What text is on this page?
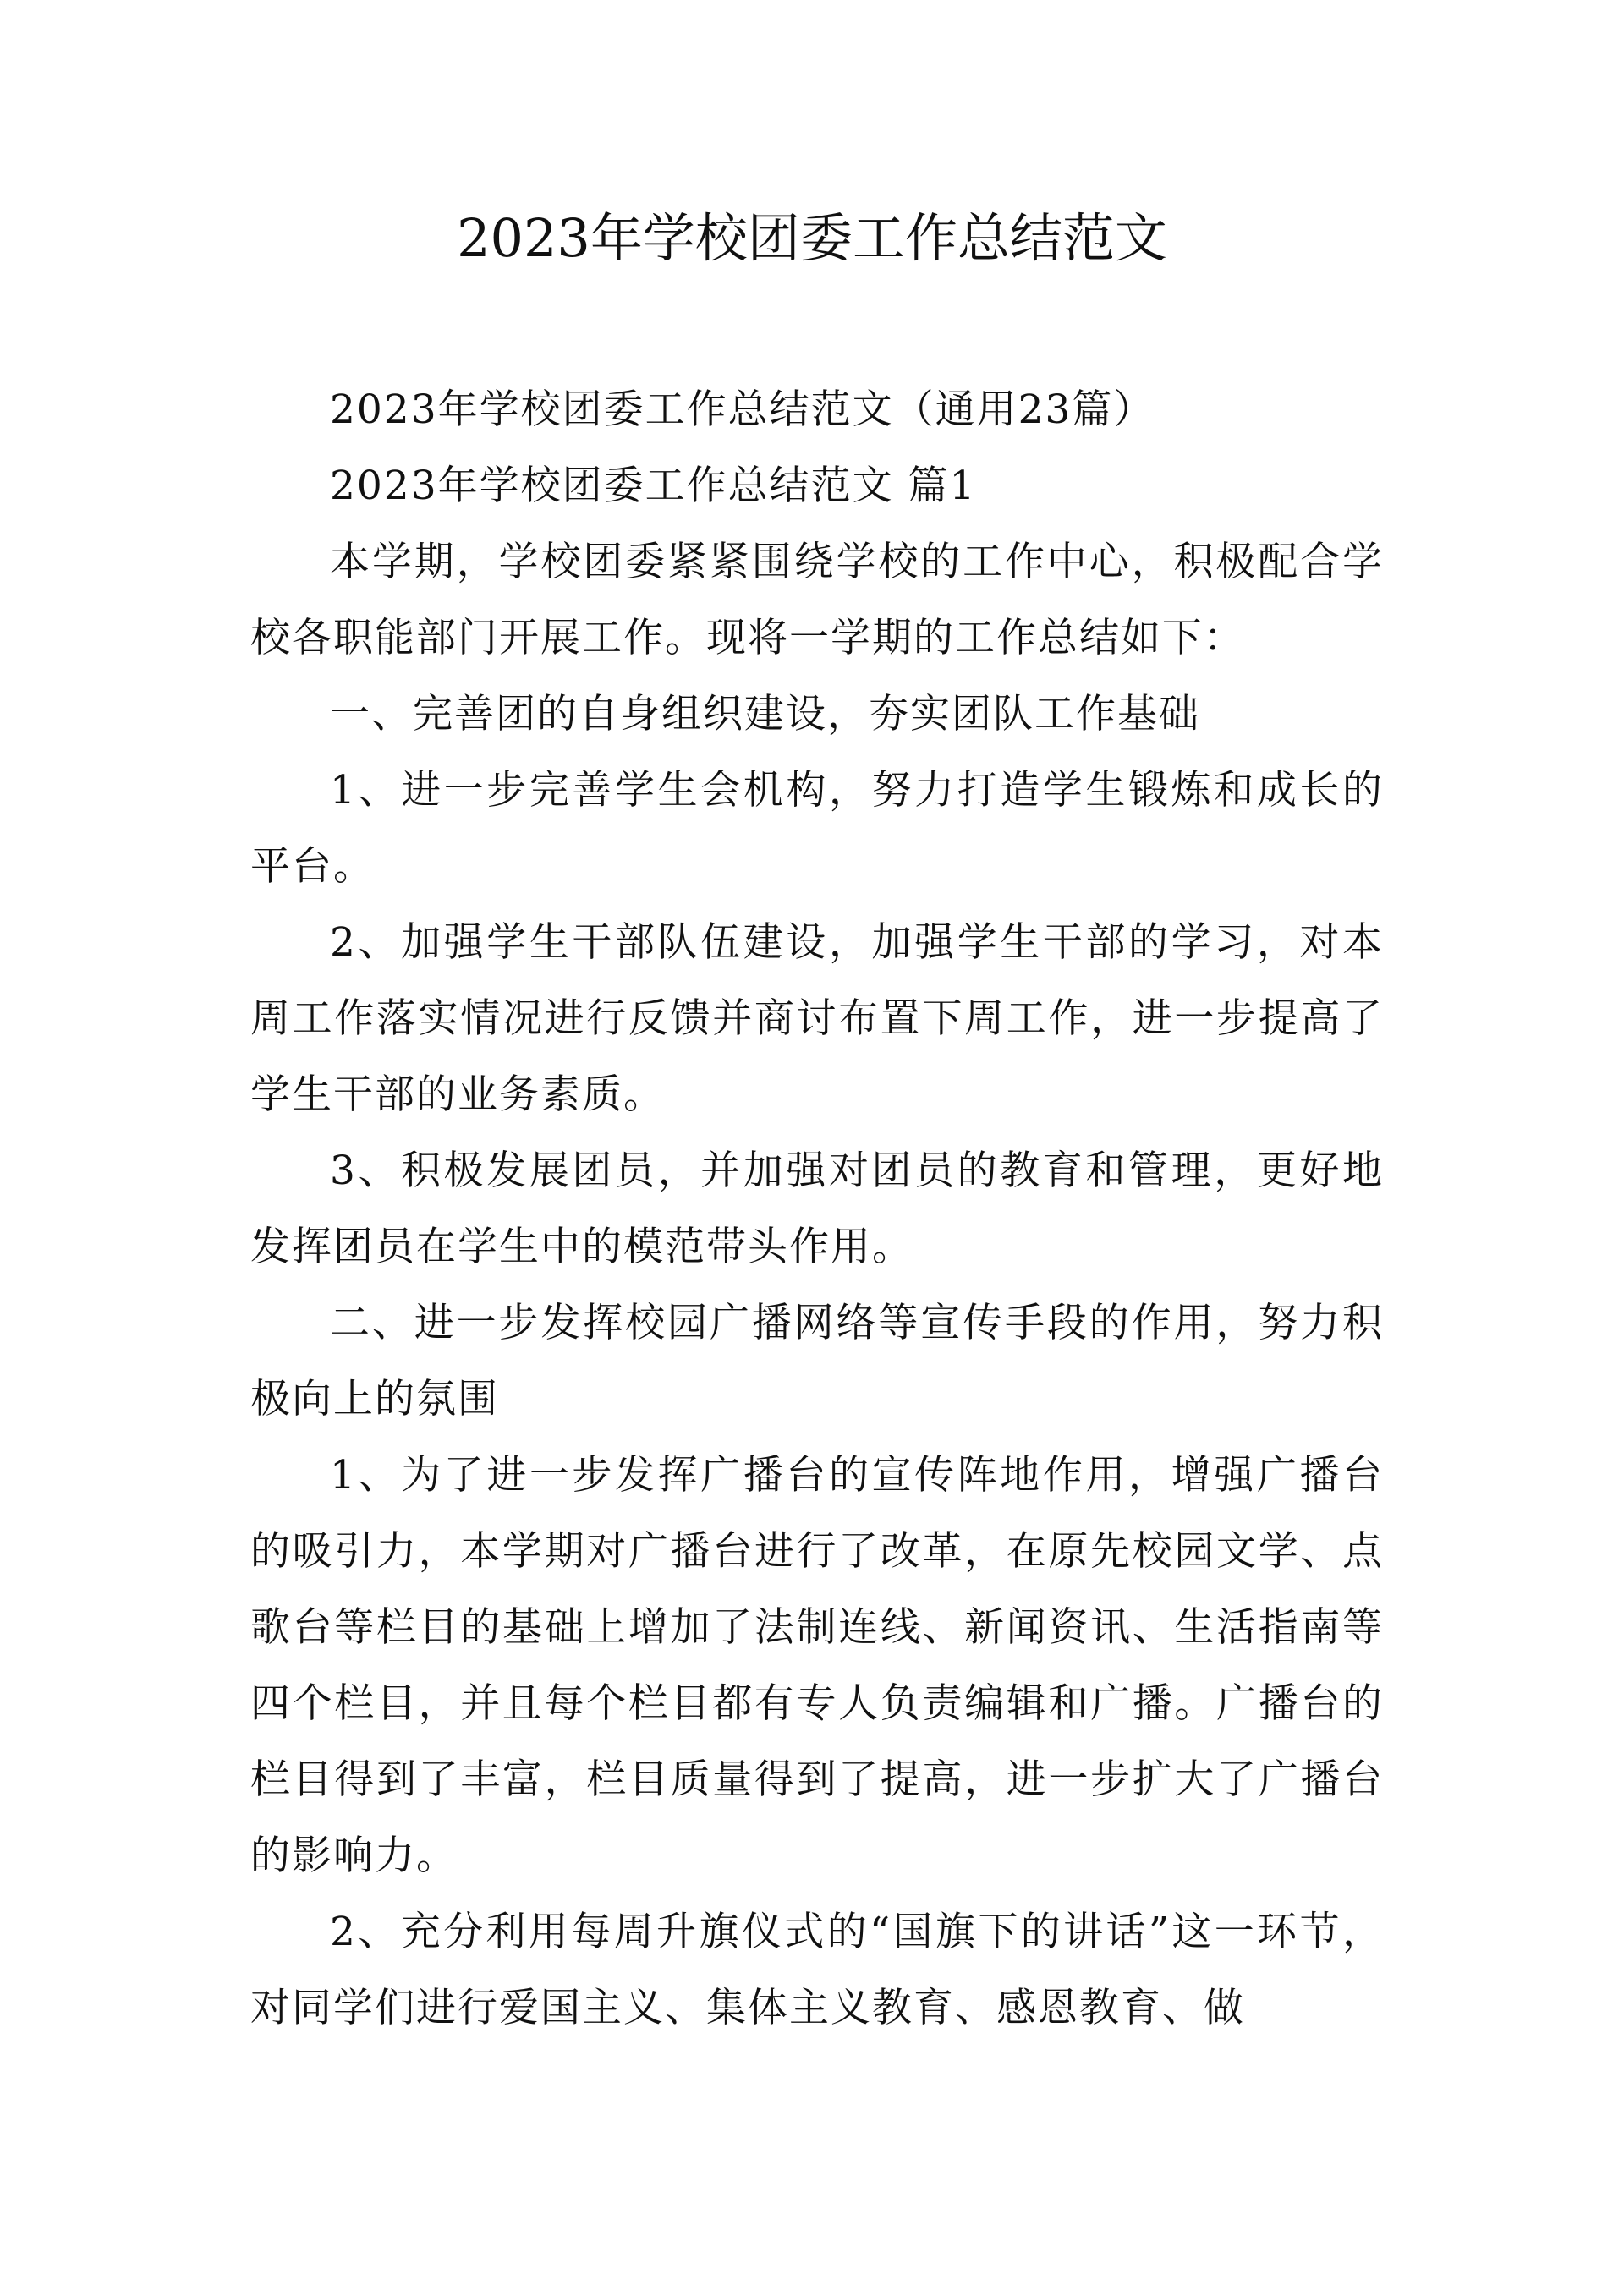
2023年学校团委工作总结范文

2023年学校团委工作总结范文（通用23篇）

2023年学校团委工作总结范文 篇1

本学期，学校团委紧紧围绕学校的工作中心，积极配合学校各职能部门开展工作。现将一学期的工作总结如下：

一、完善团的自身组织建设，夯实团队工作基础

1、进一步完善学生会机构，努力打造学生锻炼和成长的平台。

2、加强学生干部队伍建设，加强学生干部的学习，对本周工作落实情况进行反馈并商讨布置下周工作，进一步提高了学生干部的业务素质。

3、积极发展团员，并加强对团员的教育和管理，更好地发挥团员在学生中的模范带头作用。

二、进一步发挥校园广播网络等宣传手段的作用，努力积极向上的氛围

1、为了进一步发挥广播台的宣传阵地作用，增强广播台的吸引力，本学期对广播台进行了改革，在原先校园文学、点歌台等栏目的基础上增加了法制连线、新闻资讯、生活指南等四个栏目，并且每个栏目都有专人负责编辑和广播。广播台的栏目得到了丰富，栏目质量得到了提高，进一步扩大了广播台的影响力。

2、充分利用每周升旗仪式的“国旗下的讲话”这一环节，对同学们进行爱国主义、集体主义教育、感恩教育、做
